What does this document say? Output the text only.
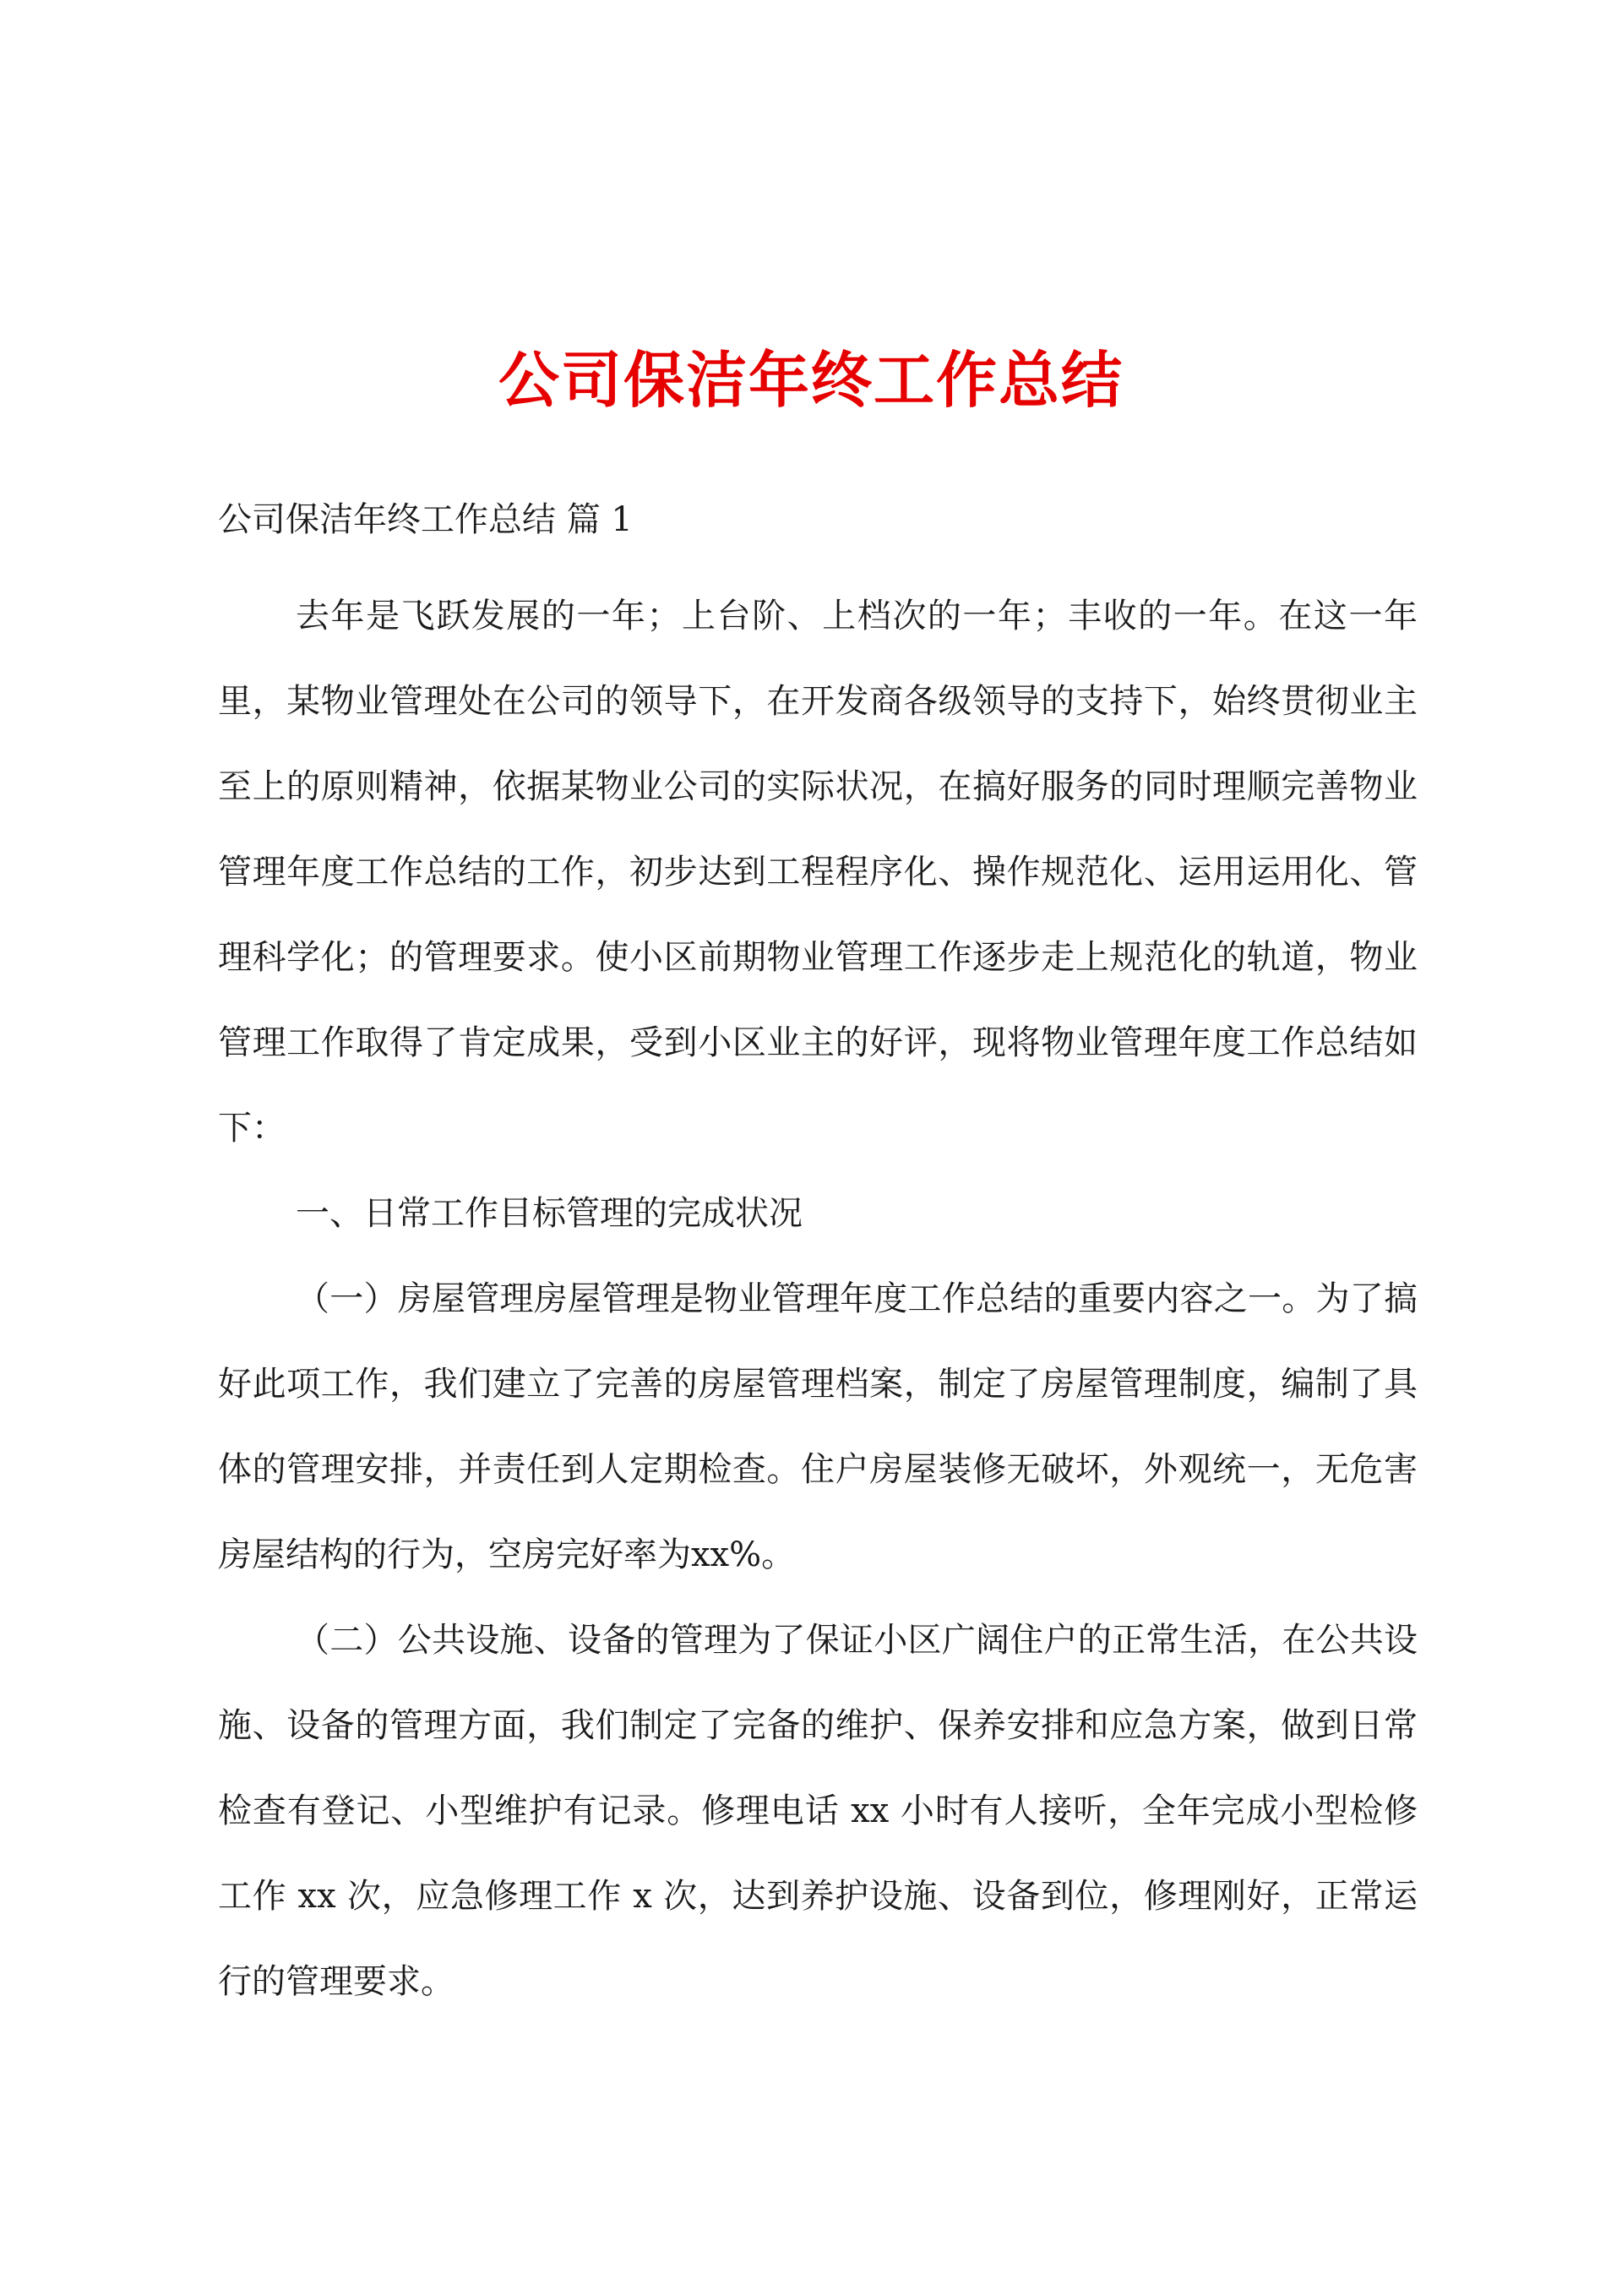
公司保洁年终工作总结

公司保洁年终工作总结 篇 1

去年是飞跃发展的一年；上台阶、上档次的一年；丰收的一年。在这一年里，某物业管理处在公司的领导下，在开发商各级领导的支持下，始终贯彻业主至上的原则精神，依据某物业公司的实际状况，在搞好服务的同时理顺完善物业管理年度工作总结的工作，初步达到工程程序化、操作规范化、运用运用化、管理科学化；的管理要求。使小区前期物业管理工作逐步走上规范化的轨道，物业管理工作取得了肯定成果，受到小区业主的好评，现将物业管理年度工作总结如下：

一、日常工作目标管理的完成状况

（一）房屋管理房屋管理是物业管理年度工作总结的重要内容之一。为了搞好此项工作，我们建立了完善的房屋管理档案，制定了房屋管理制度，编制了具体的管理安排，并责任到人定期检查。住户房屋装修无破坏，外观统一，无危害房屋结构的行为，空房完好率为xx%。

（二）公共设施、设备的管理为了保证小区广阔住户的正常生活，在公共设施、设备的管理方面，我们制定了完备的维护、保养安排和应急方案，做到日常检查有登记、小型维护有记录。修理电话 xx 小时有人接听，全年完成小型检修工作 xx 次，应急修理工作 x 次，达到养护设施、设备到位，修理刚好，正常运行的管理要求。
